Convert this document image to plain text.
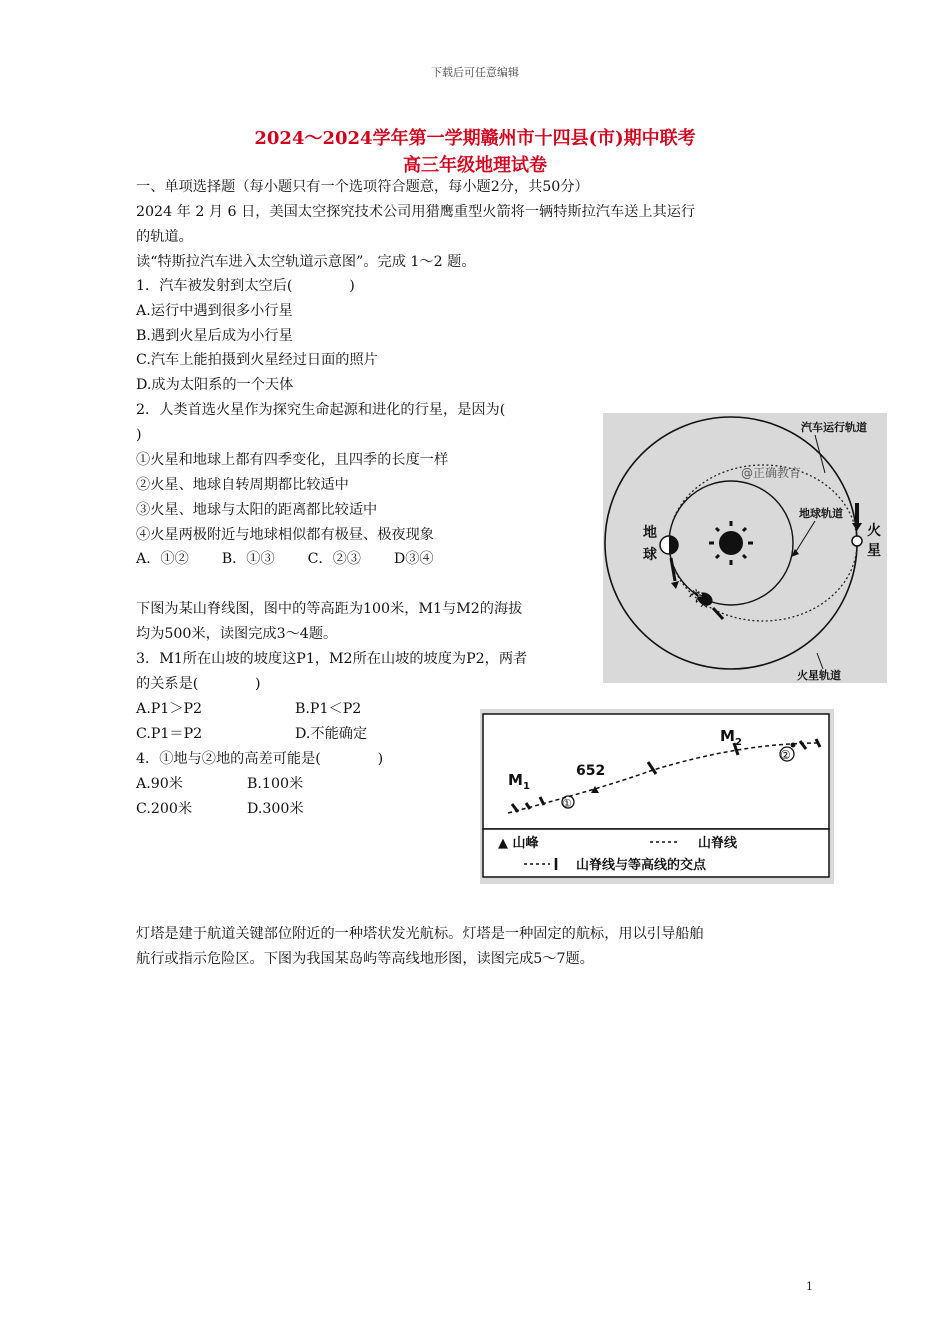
下载后可任意编辑
2024～2024学年第一学期赣州市十四县(市)期中联考
高三年级地理试卷
一、单项选择题（每小题只有一个选项符合题意，每小题2分，共50分）
2024 年 2 月 6 日，美国太空探究技术公司用猎鹰重型火箭将一辆特斯拉汽车送上其运行
的轨道。
读“特斯拉汽车进入太空轨道示意图”。完成 1～2 题。
1．汽车被发射到太空后(　　　　)
A.运行中遇到很多小行星
B.遇到火星后成为小行星
C.汽车上能拍摄到火星经过日面的照片
D.成为太阳系的一个天体
2．人类首选火星作为探究生命起源和进化的行星，是因为(
)
①火星和地球上都有四季变化，且四季的长度一样
②火星、地球自转周期都比较适中
③火星、地球与太阳的距离都比较适中
④火星两极附近与地球相似都有极昼、极夜现象
A．①②　　 B．①③　　 C．②③　　 D③④
下图为某山脊线图，图中的等高距为100米，M1与M2的海拔
均为500米，读图完成3～4题。
3．M1所在山坡的坡度这P1，M2所在山坡的坡度为P2，两者
的关系是(　　　　)
A.P1＞P2	B.P1＜P2
C.P1＝P2	D.不能确定
4．①地与②地的高差可能是(　　　　)
A.90米	B.100米
C.200米	D.300米
灯塔是建于航道关键部位附近的一种塔状发光航标。灯塔是一种固定的航标，用以引导船舶
航行或指示危险区。下图为我国某岛屿等高线地形图，读图完成5～7题。
汽车运行轨道
@正确教育
地球轨道
火
星
地
球
汽车
火星轨道
M 1
M 2
652
①
②
▲ 山峰	山脊线
山脊线与等高线的交点
1
